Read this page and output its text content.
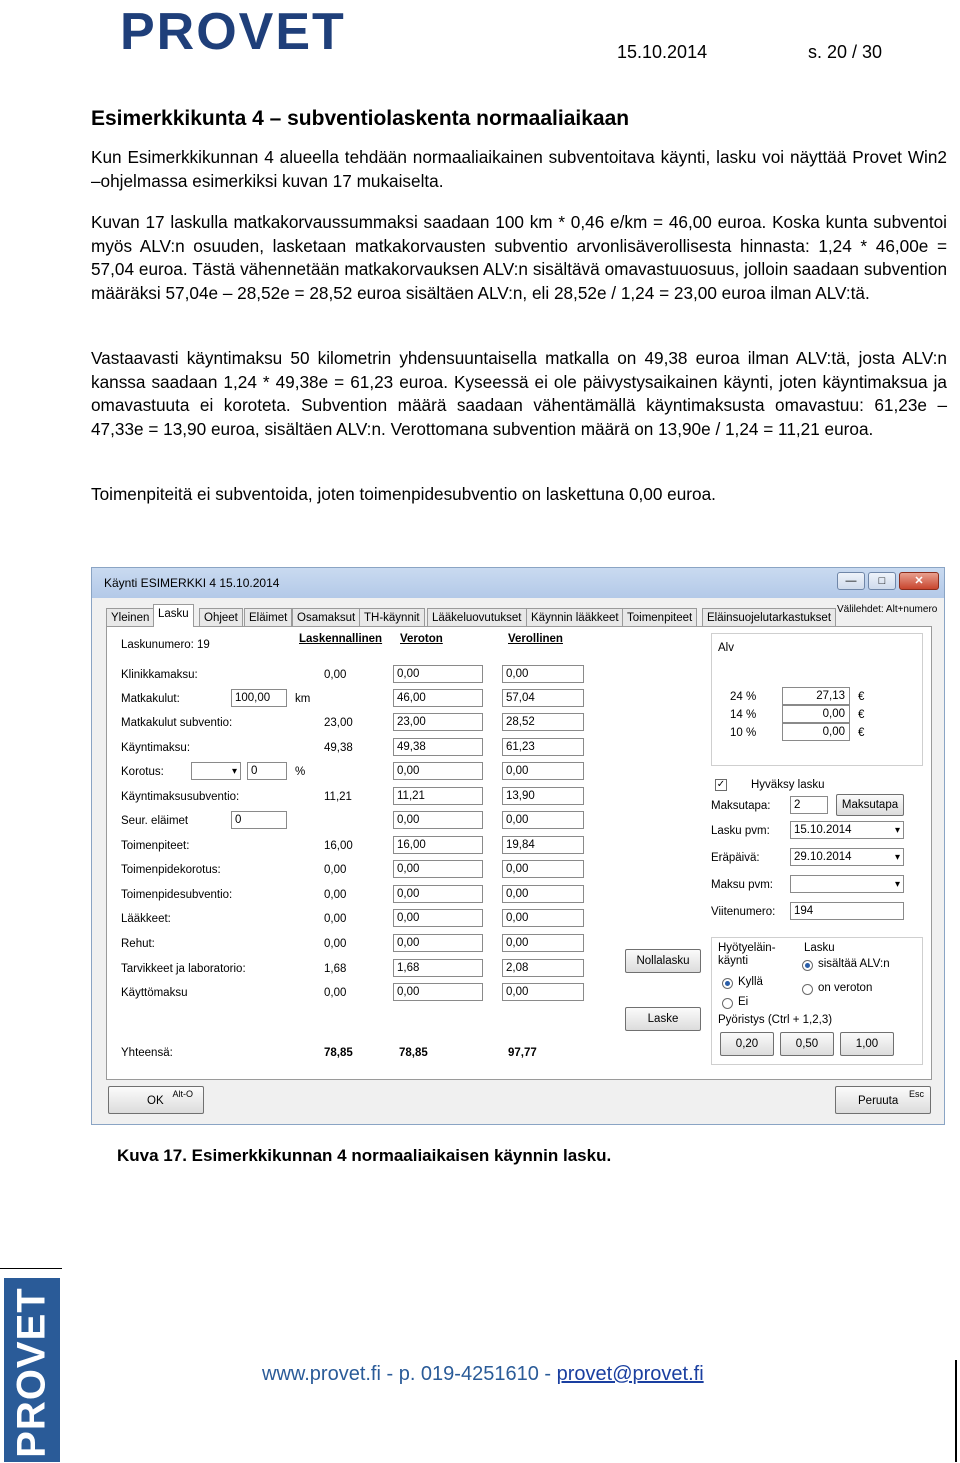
PROVET	15.10.2014	s. 20 / 30
Esimerkkikunta 4 – subventiolaskenta normaaliaikaan
Kun Esimerkkikunnan 4 alueella tehdään normaaliaikainen subventoitava käynti, lasku voi näyttää Provet Win2 –ohjelmassa esimerkiksi kuvan 17 mukaiselta.
Kuvan 17 laskulla matkakorvaussummaksi saadaan 100 km * 0,46 e/km = 46,00 euroa. Koska kunta subventoi myös ALV:n osuuden, lasketaan matkakorvausten subventio arvonlisäverollisesta hinnasta: 1,24 * 46,00e = 57,04 euroa. Tästä vähennetään matkakorvauksen ALV:n sisältävä omavastuuosuus, jolloin saadaan subvention määräksi 57,04e – 28,52e = 28,52 euroa sisältäen ALV:n, eli 28,52e / 1,24 = 23,00 euroa ilman ALV:tä.
Vastaavasti käyntimaksu 50 kilometrin yhdensuuntaisella matkalla on 49,38 euroa ilman ALV:tä, josta ALV:n kanssa saadaan 1,24 * 49,38e = 61,23 euroa. Kyseessä ei ole päivystysaikainen käynti, joten käyntimaksua ja omavastuuta ei koroteta. Subvention määrä saadaan vähentämällä käyntimaksusta omavastuu: 61,23e – 47,33e = 13,90 euroa, sisältäen ALV:n. Verottomana subvention määrä on 13,90e / 1,24 = 11,21 euroa.
Toimenpiteitä ei subventoida, joten toimenpidesubventio on laskettuna 0,00 euroa.
Käynti ESIMERKKI 4 15.10.2014	—	□	✕
Yleinen Lasku	Ohjeet Eläimet Osamaksut TH-käynnit	Lääkeluovutukset Käynnin lääkkeet Toimenpiteet	Eläinsuojelutarkastukset
Välilehdet: Alt+numero
Laskunumero: 19	Laskennallinen Veroton	Verollinen
Klinikkamaksu:	0,00	0,00	0,00
Matkakulut:	100,00	km	46,00	57,04
Matkakulut subventio:	23,00	23,00	28,52
Käyntimaksu:	49,38	49,38	61,23
Korotus:
▾	0	%	0,00	0,00
Käyntimaksusubventio:	11,21	11,21	13,90
Seur. eläimet	0	0,00	0,00
Toimenpiteet:	16,00	16,00	19,84
Toimenpidekorotus:	0,00	0,00	0,00
Toimenpidesubventio:	0,00	0,00	0,00
Lääkkeet:	0,00	0,00	0,00
Rehut:	0,00	0,00	0,00
Tarvikkeet ja laboratorio:	1,68	1,68	2,08
Käyttömaksu	0,00	0,00	0,00
Yhteensä:	78,85	78,85	97,77
Alv
24 %	27,13	€
14 %	0,00	€
10 %	0,00	€
✓ Hyväksy lasku
Maksutapa:	2	Maksutapa
Lasku pvm:	15.10.2014 ▾
Eräpäivä:	29.10.2014 ▾
Maksu pvm:
▾
Viitenumero:	194
Nollalasku
Laske
Hyötyeläin-
käynti
Kyllä
Ei
Lasku
sisältää ALV:n
on veroton
Pyöristys (Ctrl + 1,2,3)
0,20	0,50	1,00
OK
Alt-O
Peruuta
Esc
Kuva 17. Esimerkkikunnan 4 normaaliaikaisen käynnin lasku.
PROVET	www.provet.fi - p. 019-4251610 - provet@provet.fi
